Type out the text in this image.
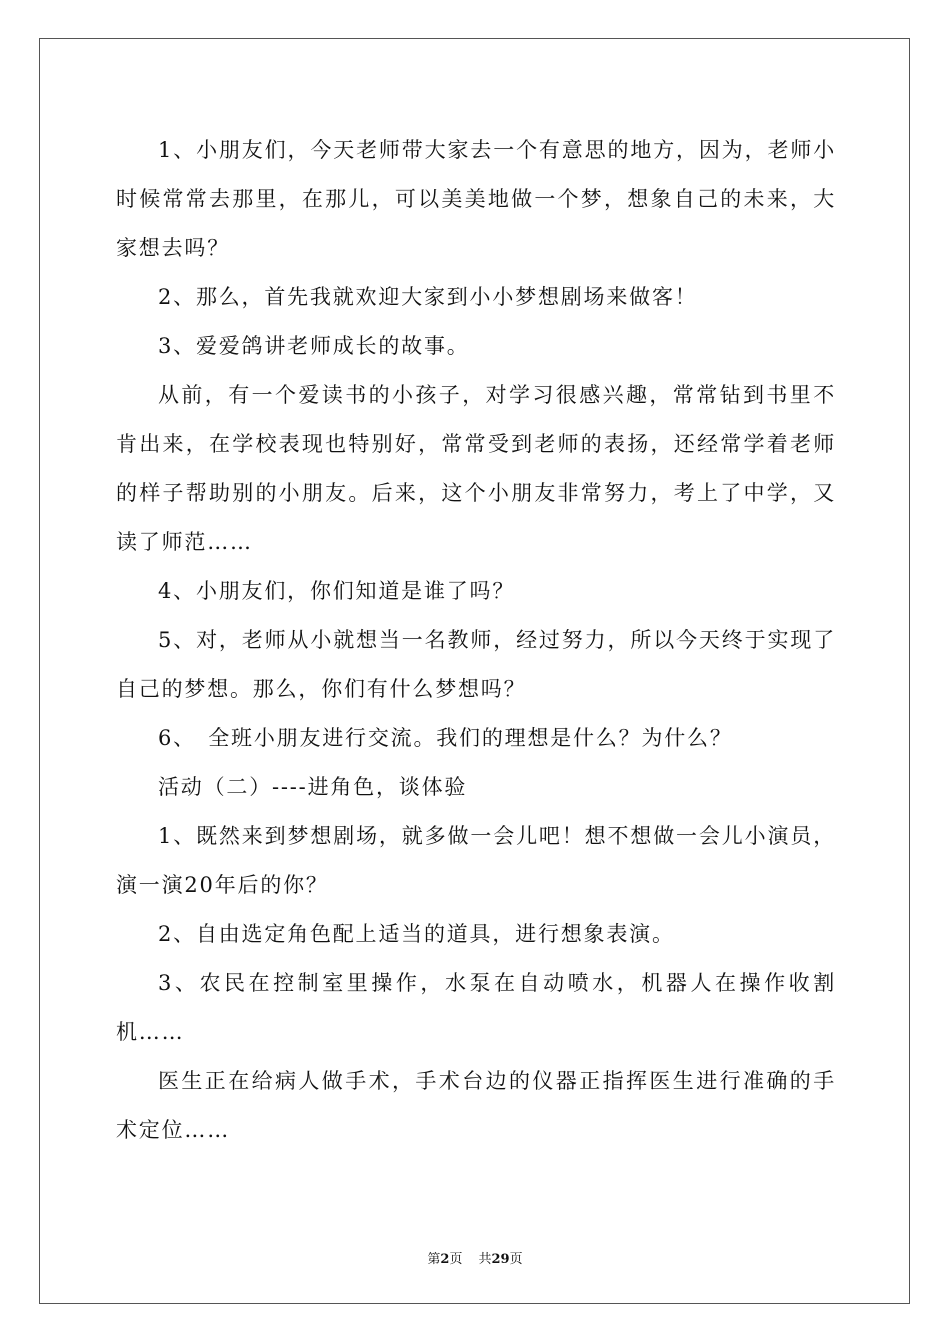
1、小朋友们，今天老师带大家去一个有意思的地方，因为，老师小时候常常去那里，在那儿，可以美美地做一个梦，想象自己的未来，大家想去吗？

2、那么，首先我就欢迎大家到小小梦想剧场来做客！

3、爱爱鸽讲老师成长的故事。

从前，有一个爱读书的小孩子，对学习很感兴趣，常常钻到书里不肯出来，在学校表现也特别好，常常受到老师的表扬，还经常学着老师的样子帮助别的小朋友。后来，这个小朋友非常努力，考上了中学，又读了师范……

4、小朋友们，你们知道是谁了吗？

5、对，老师从小就想当一名教师，经过努力，所以今天终于实现了自己的梦想。那么，你们有什么梦想吗？

6、　全班小朋友进行交流。我们的理想是什么？为什么？

活动（二）----进角色，谈体验

1、既然来到梦想剧场，就多做一会儿吧！想不想做一会儿小演员，演一演20年后的你？

2、自由选定角色配上适当的道具，进行想象表演。

3、农民在控制室里操作，水泵在自动喷水，机器人在操作收割机……

医生正在给病人做手术，手术台边的仪器正指挥医生进行准确的手术定位……

第2页 共29页
